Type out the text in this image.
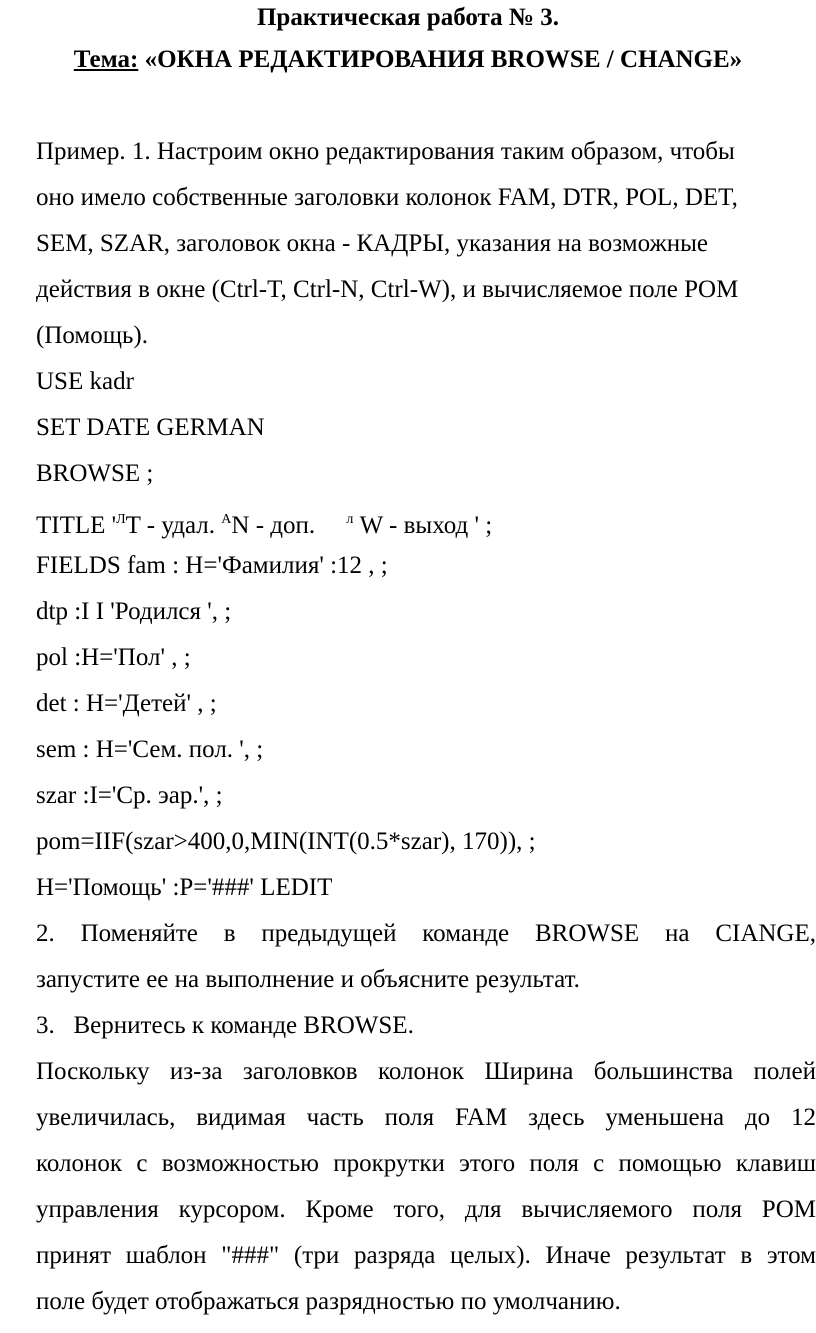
Практическая работа № 3.
Тема: «ОКНА РЕДАКТИРОВАНИЯ BROWSE / CHANGE»
Пример. 1. Настроим окно редактирования таким образом, чтобы
оно имело собственные заголовки колонок FAM, DTR, POL, DET,
SEM, SZAR, заголовок окна - КАДРЫ, указания на возможные
действия в окне (Ctrl-T, Ctrl-N, Ctrl-W), и вычисляемое поле POM
(Помощь).
USE kadr
SET DATE GERMAN
BROWSE ;
TITLE '$^ЛT$ - удал. $^A$N - доп.     $^л$ W - выход ' ;
FIELDS fam : H='Фамилия' :12 , ;
dtp :I I 'Родился ', ;
pol :H='Пол' , ;
det : H='Детей' , ;
sem : H='Сем. пол. ', ;
szar :I='Ср. эар.', ;
pom=IIF(szar>400,0,MIN(INT(0.5*szar), 170)), ;
H='Помощь' :P='###' LEDIT
2. Поменяйте в предыдущей команде BROWSE на CIANGE,
запустите ее на выполнение и объясните результат.
3.   Вернитесь к команде BROWSE.
Поскольку из-за заголовков колонок Ширина большинства полей
увеличилась, видимая часть поля FAM здесь уменьшена до 12
колонок с возможностью прокрутки этого поля с помощью клавиш
управления курсором. Кроме того, для вычисляемого поля POM
принят шаблон "###" (три разряда целых). Иначе результат в этом
поле будет отображаться разрядностью по умолчанию.
